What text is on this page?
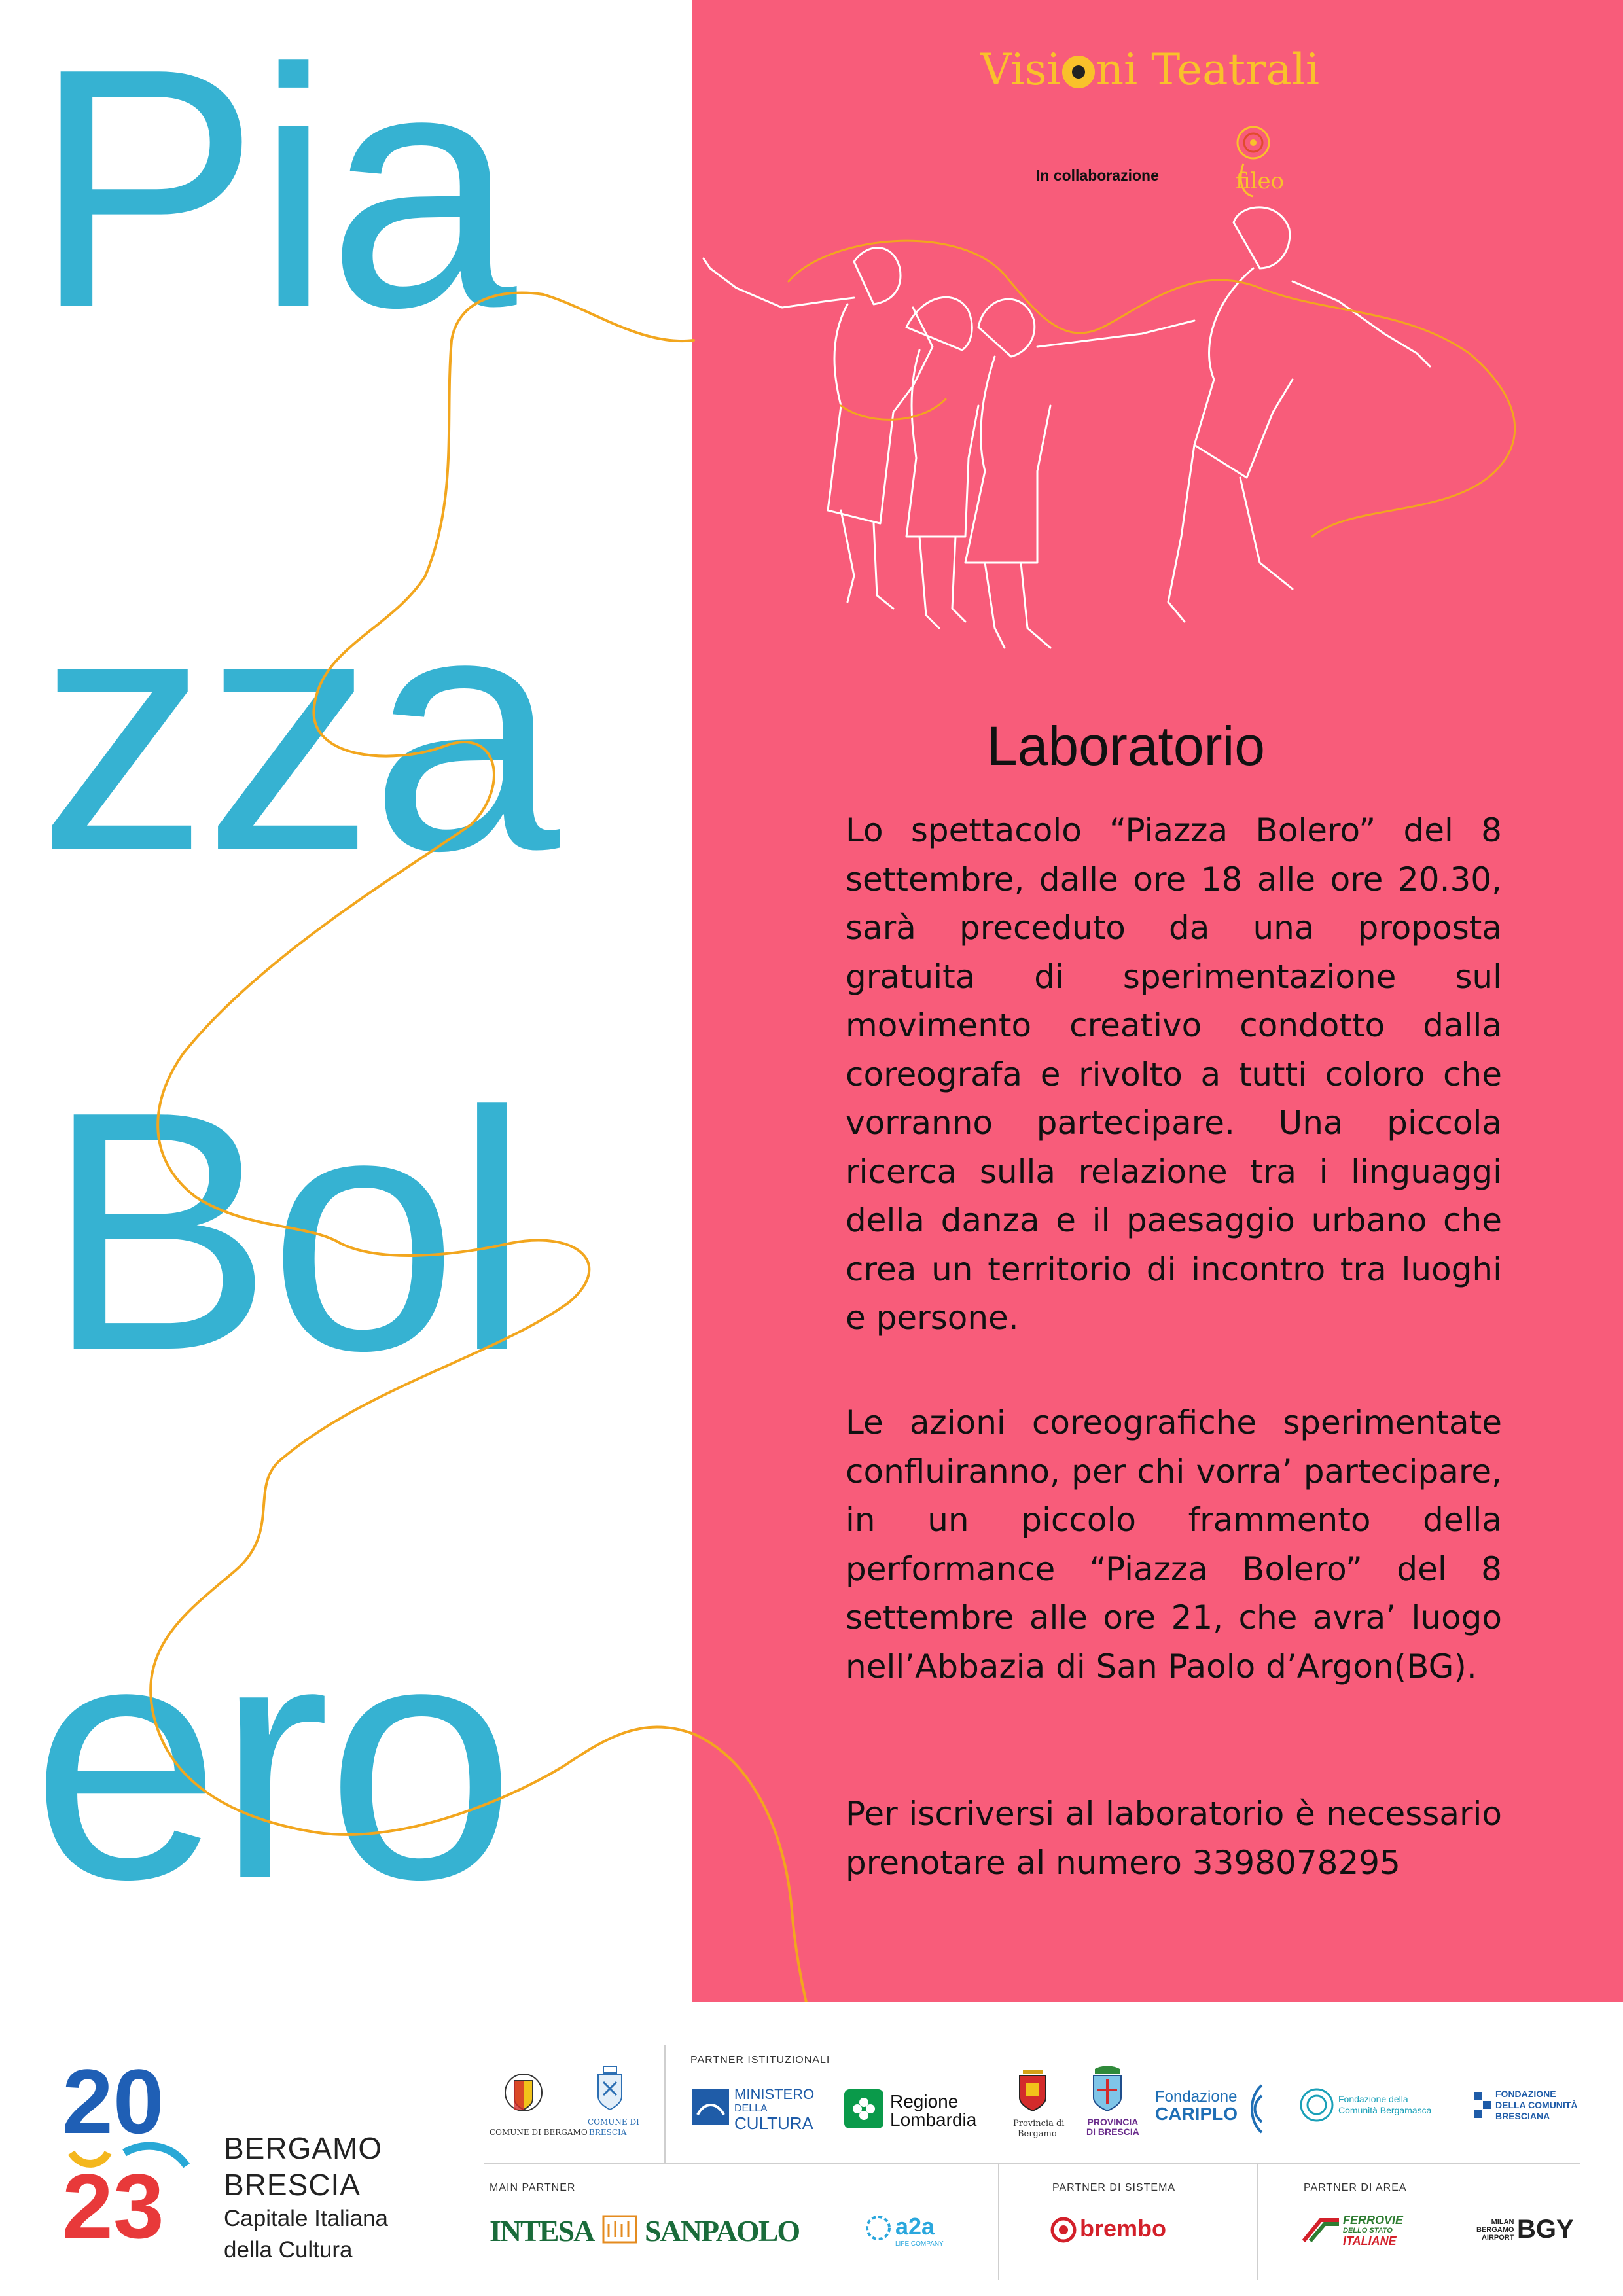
Pia
zza
Bol
ero
Visi ni Teatrali
In collaborazione	fileo
Laboratorio
Lo spettacolo “Piazza Bolero” del 8 settembre, dalle ore 18 alle ore 20.30, sarà preceduto da una proposta gratuita di sperimentazione sul movimento creativo condotto dalla coreografa e rivolto a tutti coloro che vorranno partecipare. Una piccola ricerca sulla relazione tra i linguaggi della danza e il paesaggio urbano che crea un territorio di incontro tra luoghi e persone.
Le azioni coreografiche sperimentate confluiranno, per chi vorra’ partecipare, in un piccolo frammento della performance “Piazza Bolero” del 8 settembre alle ore 21, che avra’ luogo nell’Abbazia di San Paolo d’Argon(BG).
Per iscriversi al laboratorio è necessario prenotare al numero 3398078295
20
23
BERGAMO
BRESCIA
Capitale Italiana
della Cultura
PARTNER ISTITUZIONALI
MAIN PARTNER	PARTNER DI SISTEMA	PARTNER DI AREA
COMUNE DI BERGAMO
COMUNE DI
BRESCIA
MINISTERO
DELLA
CULTURA
Regione
Lombardia	Provincia di
Bergamo
PROVINCIA
DI BRESCIA
Fondazione
CARIPLO
Fondazione della
Comunità Bergamasca
FONDAZIONE
DELLA COMUNITÀ
BRESCIANA
INTESA SANPAOLO	a2a
LIFE COMPANY
brembo	FERROVIE
DELLO STATO
ITALIANE
MILAN
BERGAMO
AIRPORT BGY
